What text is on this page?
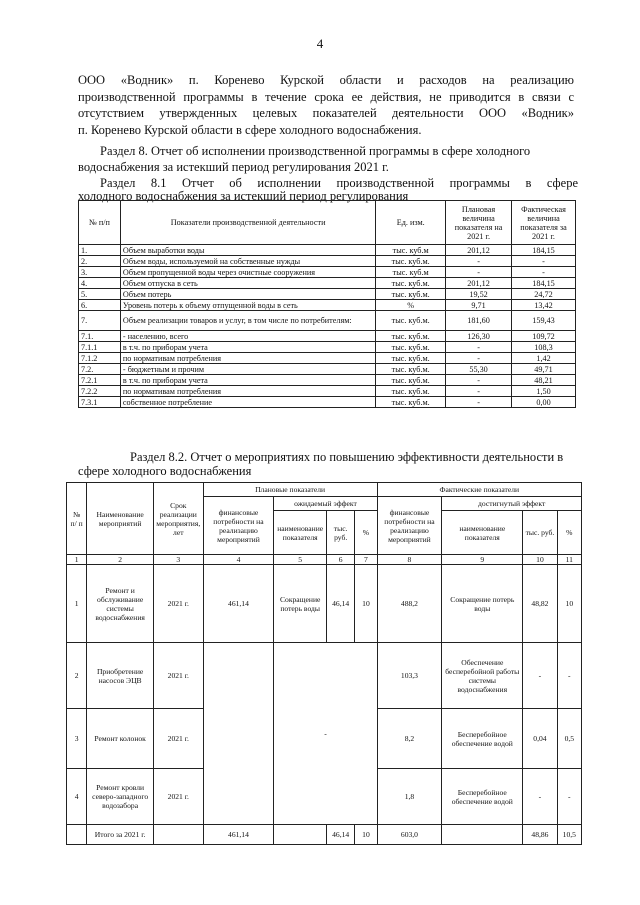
4
ООО «Водник» п. Коренево Курской области и расходов на реализацию
производственной программы в течение срока ее действия, не приводится в связи с
отсутствием утвержденных целевых показателей деятельности ООО «Водник»
п. Коренево Курской области в сфере холодного водоснабжения.
Раздел 8. Отчет об исполнении производственной программы в сфере холодного
водоснабжения за истекший период регулирования 2021 г.
Раздел 8.1 Отчет об исполнении производственной программы в сфере
холодного водоснабжения за истекший период регулирования
№ п/п	Показатели производственной деятельности	Ед. изм.	Плановая величина показателя на 2021 г.	Фактическая величина показателя за 2021 г.
1.	Объем выработки воды	тыс. куб.м	201,12	184,15
2.	Объем воды, используемой на собственные нужды	тыс. куб.м.	-	-
3.	Объем пропущенной воды через очистные сооружения	тыс. куб.м	-	-
4.	Объем отпуска в сеть	тыс. куб.м.	201,12	184,15
5.	Объем потерь	тыс. куб.м.	19,52	24,72
6.	Уровень потерь к объему отпущенной воды в сеть	%	9,71	13,42
7.	Объем реализации товаров и услуг, в том числе по потребителям:	тыс. куб.м.	181,60	159,43
7.1.	- населению, всего	тыс. куб.м.	126,30	109,72
7.1.1	в т.ч. по приборам учета	тыс. куб.м.	-	108,3
7.1.2	по нормативам потребления	тыс. куб.м.	-	1,42
7.2.	- бюджетным и прочим	тыс. куб.м.	55,30	49,71
7.2.1	в т.ч. по приборам учета	тыс. куб.м.	-	48,21
7.2.2	по нормативам потребления	тыс. куб.м.	-	1,50
7.3.1	собственное потребление	тыс. куб.м.	-	0,00
Раздел 8.2. Отчет о мероприятиях по повышению эффективности деятельности в
сфере холодного водоснабжения
№ п/ п	Наименование мероприятий	Срок реализации мероприятия, лет	Плановые показатели				Фактические показатели			
			финансовые потребности на реализацию мероприятий	ожидаемый эффект			финансовые потребности на реализацию мероприятий	достигнутый эффект		
				наименование показателя	тыс. руб.	%		наименование показателя	тыс. руб.	%
1	2	3	4	5	6	7	8	9	10	11
1	Ремонт и обслуживание системы водоснабжения	2021 г.	461,14	Сокращение потерь воды	46,14	10	488,2	Сокращение потерь воды	48,82	10
2	Приобретение насосов ЭЦВ	2021 г.		-			103,3	Обеспечение бесперебойной работы системы водоснабжения	-	-
3	Ремонт колонок	2021 г.					8,2	Бесперебойное обеспечение водой	0,04	0,5
4	Ремонт кровли северо-западного водозабора	2021 г.					1,8	Бесперебойное обеспечение водой	-	-
	Итого за 2021 г.		461,14		46,14	10	603,0		48,86	10,5
